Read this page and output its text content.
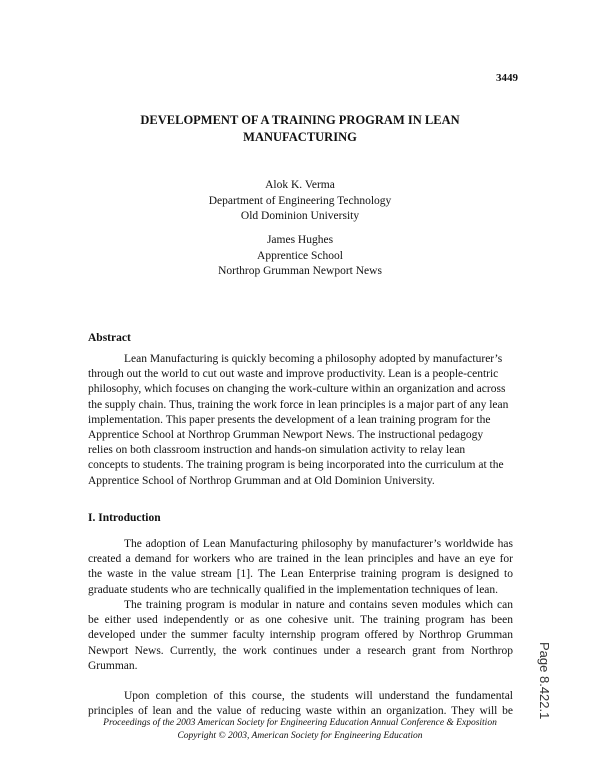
3449
DEVELOPMENT OF A TRAINING PROGRAM IN LEAN
MANUFACTURING
Alok K. Verma
Department of Engineering Technology
Old Dominion University
James Hughes
Apprentice School
Northrop Grumman Newport News
Abstract
Lean Manufacturing is quickly becoming a philosophy adopted by manufacturer’s
through out the world to cut out waste and improve productivity. Lean is a people-centric
philosophy, which focuses on changing the work-culture within an organization and across
the supply chain. Thus, training the work force in lean principles is a major part of any lean
implementation. This paper presents the development of a lean training program for the
Apprentice School at Northrop Grumman Newport News. The instructional pedagogy
relies on both classroom instruction and hands-on simulation activity to relay lean
concepts to students. The training program is being incorporated into the curriculum at the
Apprentice School of Northrop Grumman and at Old Dominion University.
I. Introduction
The adoption of Lean Manufacturing philosophy by manufacturer’s worldwide has
created a demand for workers who are trained in the lean principles and have an eye for
the waste in the value stream [1]. The Lean Enterprise training program is designed to
graduate students who are technically qualified in the implementation techniques of lean.
The training program is modular in nature and contains seven modules which can
be either used independently or as one cohesive unit. The training program has been
developed under the summer faculty internship program offered by Northrop Grumman
Newport News. Currently, the work continues under a research grant from Northrop
Grumman.
Upon completion of this course, the students will understand the fundamental
principles of lean and the value of reducing waste within an organization. They will be
Proceedings of the 2003 American Society for Engineering Education Annual Conference & Exposition
Copyright © 2003, American Society for Engineering Education
Page 8.422.1
